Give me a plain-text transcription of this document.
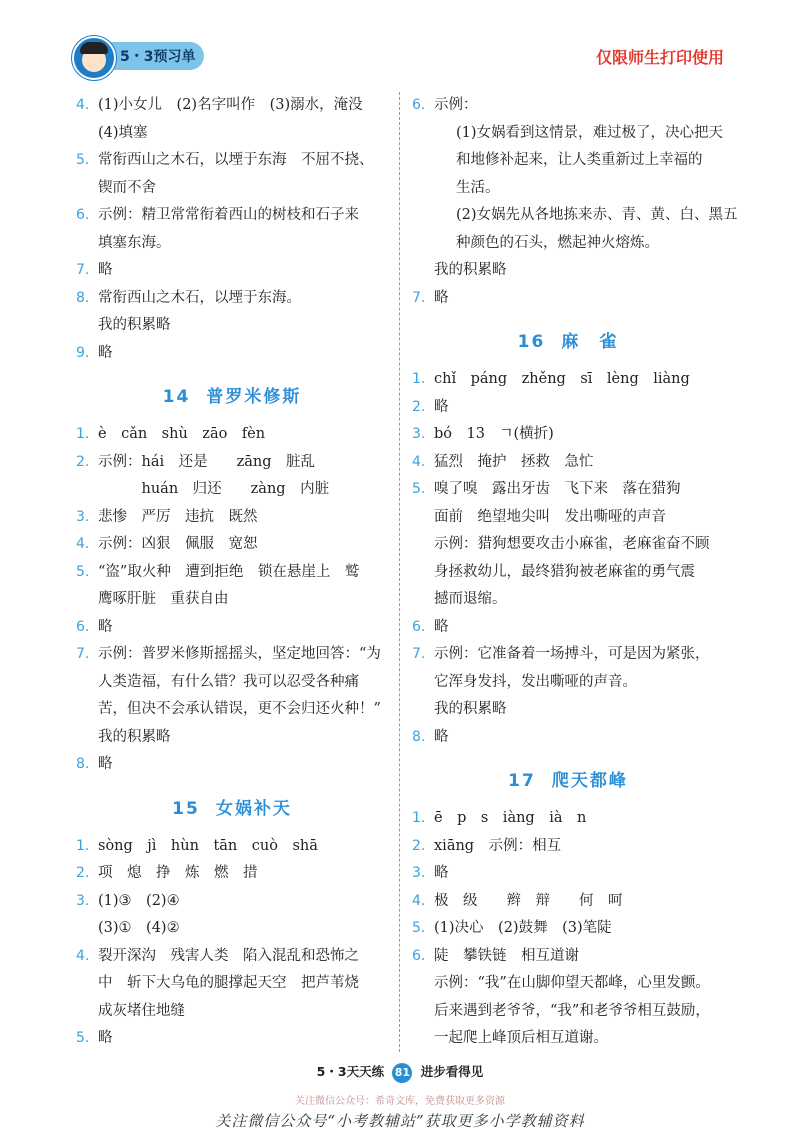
5・3预习单	仅限师生打印使用
4. (1)小女儿　(2)名字叫作　(3)溺水，淹没
(4)填塞
5. 常衔西山之木石，以堙于东海　不屈不挠、
锲而不舍
6. 示例：精卫常常衔着西山的树枝和石子来
填塞东海。
7. 略
8. 常衔西山之木石，以堙于东海。
我的积累略
9. 略
14 普罗米修斯
1. è　cǎn　shù　zāo　fèn
2. 示例：hái　还是　　zāng　脏乱
　　　huán　归还　　zàng　内脏
3. 悲惨　严厉　违抗　既然
4. 示例：凶狠　佩服　宽恕
5. “盗”取火种　遭到拒绝　锁在悬崖上　鹫
鹰啄肝脏　重获自由
6. 略
7. 示例：普罗米修斯摇摇头，坚定地回答：“为
人类造福，有什么错？我可以忍受各种痛
苦，但决不会承认错误，更不会归还火种！”
我的积累略
8. 略
15 女娲补天
1. sòng　jì　hùn　tān　cuò　shā
2. 项　熄　挣　炼　燃　措
3. (1)③　(2)④
(3)①　(4)②
4. 裂开深沟　残害人类　陷入混乱和恐怖之
中　斩下大乌龟的腿撑起天空　把芦苇烧
成灰堵住地缝
5. 略
6. 示例：
(1)女娲看到这情景，难过极了，决心把天
和地修补起来，让人类重新过上幸福的
生活。
(2)女娲先从各地拣来赤、青、黄、白、黑五
种颜色的石头，燃起神火熔炼。
我的积累略
7. 略
16 麻　雀
1. chǐ　páng　zhěng　sī　lèng　liàng
2. 略
3. bó　13　ㄱ(横折)
4. 猛烈　掩护　拯救　急忙
5. 嗅了嗅　露出牙齿　飞下来　落在猎狗
面前　绝望地尖叫　发出嘶哑的声音
示例：猎狗想要攻击小麻雀，老麻雀奋不顾
身拯救幼儿，最终猎狗被老麻雀的勇气震
撼而退缩。
6. 略
7. 示例：它准备着一场搏斗，可是因为紧张，
它浑身发抖，发出嘶哑的声音。
我的积累略
8. 略
17 爬天都峰
1. ē　p　s　iàng　ià　n
2. xiāng　示例：相互
3. 略
4. 极　级　　辫　辩　　何　呵
5. (1)决心　(2)鼓舞　(3)笔陡
6. 陡　攀铁链　相互道谢
示例：“我”在山脚仰望天都峰，心里发颤。
后来遇到老爷爷，“我”和老爷爷相互鼓励，
一起爬上峰顶后相互道谢。
5・3天天练 81 进步看得见
关注微信公众号：希奇文库，免费获取更多资源
关注微信公众号“小考教辅站”获取更多小学教辅资料
